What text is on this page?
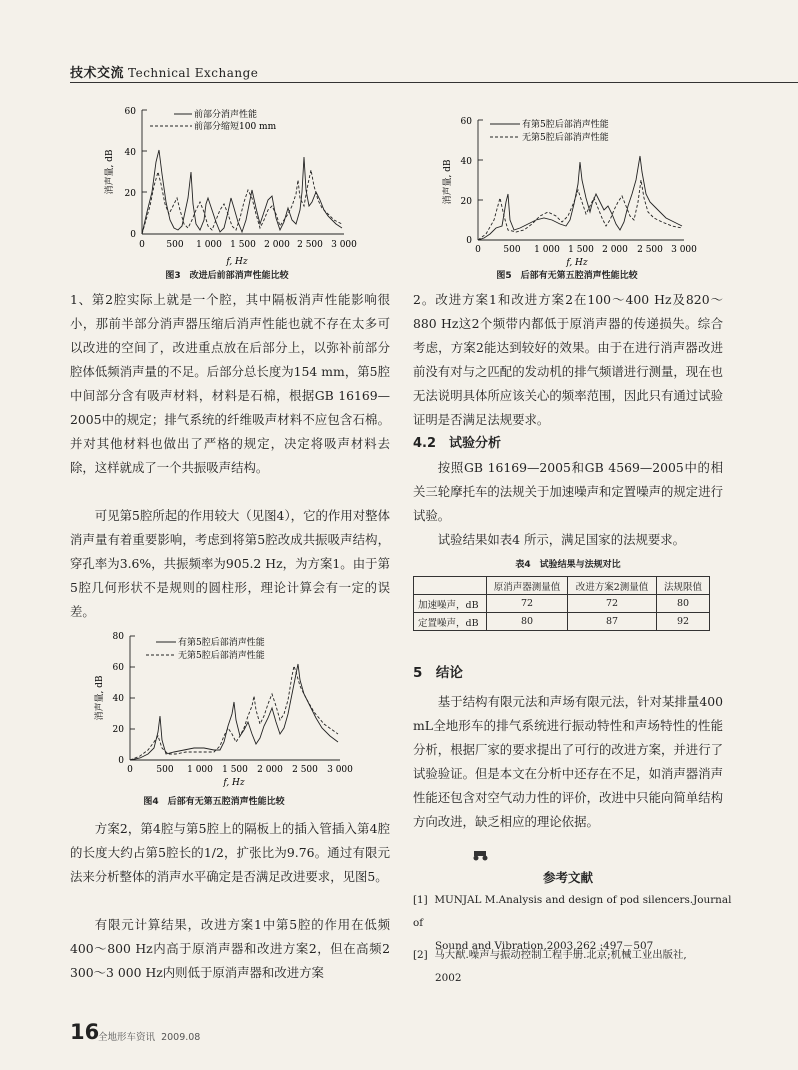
技术交流 Technical Exchange
0
20
40
60
0 500 1 000 1 500 2 000 2 500 3 000
f, Hz
消声量, dB
前部分消声性能
前部分缩短100 mm
图3　改进后前部消声性能比较
0
20
40
60
0	500 1 000 1 500 2 000 2 500 3 000
f, Hz
消声量, dB
有第5腔后部消声性能
无第5腔后部消声性能
图5　后部有无第五腔消声性能比较

1、第2腔实际上就是一个腔，其中隔板消声性能影响很小，那前半部分消声器压缩后消声性能也就不存在太多可以改进的空间了，改进重点放在后部分上，以弥补前部分腔体低频消声量的不足。后部分总长度为154 mm，第5腔中间部分含有吸声材料，材料是石棉，根据GB 16169—2005中的规定；排气系统的纤维吸声材料不应包含石棉。并对其他材料也做出了严格的规定，决定将吸声材料去除，这样就成了一个共振吸声结构。

可见第5腔所起的作用较大（见图4），它的作用对整体消声量有着重要影响，考虑到将第5腔改成共振吸声结构，穿孔率为3.6%，共振频率为905.2 Hz，为方案1。由于第5腔几何形状不是规则的圆柱形，理论计算会有一定的误差。

0
20
40
60
80
0	500 1 000 1 500 2 000 2 500 3 000
f, Hz
消声量, dB
有第5腔后部消声性能
无第5腔后部消声性能
图4　后部有无第五腔消声性能比较

方案2，第4腔与第5腔上的隔板上的插入管插入第4腔的长度大约占第5腔长的1/2，扩张比为9.76。通过有限元法来分析整体的消声水平确定是否满足改进要求，见图5。

有限元计算结果，改进方案1中第5腔的作用在低频400～800 Hz内高于原消声器和改进方案2，但在高频2 300～3 000 Hz内则低于原消声器和改进方案

2。改进方案1和改进方案2在100～400 Hz及820～880 Hz这2个频带内都低于原消声器的传递损失。综合考虑，方案2能达到较好的效果。由于在进行消声器改进前没有对与之匹配的发动机的排气频谱进行测量，现在也无法说明具体所应该关心的频率范围，因此只有通过试验证明是否满足法规要求。

4.2　试验分析

按照GB 16169—2005和GB 4569—2005中的相关三轮摩托车的法规关于加速噪声和定置噪声的规定进行试验。

试验结果如表4 所示，满足国家的法规要求。

表4　试验结果与法规对比
	原消声器测量值	改进方案2测量值	法规限值
加速噪声，dB	72	72	80
定置噪声，dB	80	87	92
5　结论

基于结构有限元法和声场有限元法，针对某排量400 mL全地形车的排气系统进行振动特性和声场特性的性能分析，根据厂家的要求提出了可行的改进方案，并进行了试验验证。但是本文在分析中还存在不足，如消声器消声性能还包含对空气动力性的评价，改进中只能向简单结构方向改进，缺乏相应的理论依据。

参考文献
[1] MUNJAL M.Analysis and design of pod silencers.Journal of
Sound and Vibration,2003,262 :497－507
[2] 马大猷.噪声与振动控制工程手册.北京;机械工业出版社,
2002
16
全地形车资讯 2009.08
